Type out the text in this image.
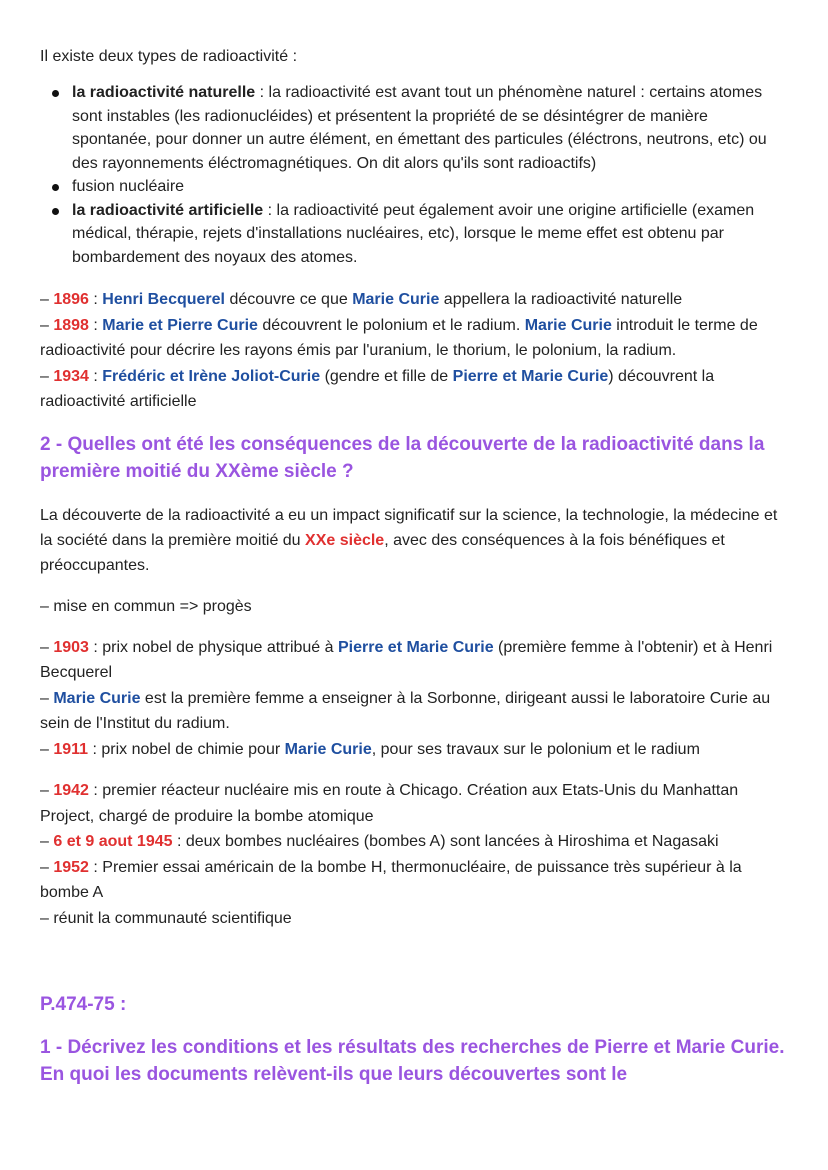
Il existe deux types de radioactivité :

la radioactivité naturelle : la radioactivité est avant tout un phénomène naturel : certains atomes sont instables (les radionucléides) et présentent la propriété de se désintégrer de manière spontanée, pour donner un autre élément, en émettant des particules (éléctrons, neutrons, etc) ou des rayonnements éléctromagnétiques. On dit alors qu'ils sont radioactifs)
fusion nucléaire
la radioactivité artificielle : la radioactivité peut également avoir une origine artificielle (examen médical, thérapie, rejets d'installations nucléaires, etc), lorsque le meme effet est obtenu par bombardement des noyaux des atomes.

– 1896 : Henri Becquerel découvre ce que Marie Curie appellera la radioactivité naturelle

– 1898 : Marie et Pierre Curie découvrent le polonium et le radium. Marie Curie introduit le terme de radioactivité pour décrire les rayons émis par l'uranium, le thorium, le polonium, la radium.

– 1934 : Frédéric et Irène Joliot-Curie (gendre et fille de Pierre et Marie Curie) découvrent la radioactivité artificielle

2 - Quelles ont été les conséquences de la découverte de la radioactivité dans la première moitié du XXème siècle ?

La découverte de la radioactivité a eu un impact significatif sur la science, la technologie, la médecine et la société dans la première moitié du XXe siècle, avec des conséquences à la fois bénéfiques et préoccupantes.

– mise en commun => progès

– 1903 : prix nobel de physique attribué à Pierre et Marie Curie (première femme à l'obtenir) et à Henri Becquerel

– Marie Curie est la première femme a enseigner à la Sorbonne, dirigeant aussi le laboratoire Curie au sein de l'Institut du radium.

– 1911 : prix nobel de chimie pour Marie Curie, pour ses travaux sur le polonium et le radium

– 1942 : premier réacteur nucléaire mis en route à Chicago. Création aux Etats-Unis du Manhattan Project, chargé de produire la bombe atomique

– 6 et 9 aout 1945 : deux bombes nucléaires (bombes A) sont lancées à Hiroshima et Nagasaki

– 1952 : Premier essai américain de la bombe H, thermonucléaire, de puissance très supérieur à la bombe A

– réunit la communauté scientifique

P.474-75 :
1 - Décrivez les conditions et les résultats des recherches de Pierre et Marie Curie. En quoi les documents relèvent-ils que leurs découvertes sont le
